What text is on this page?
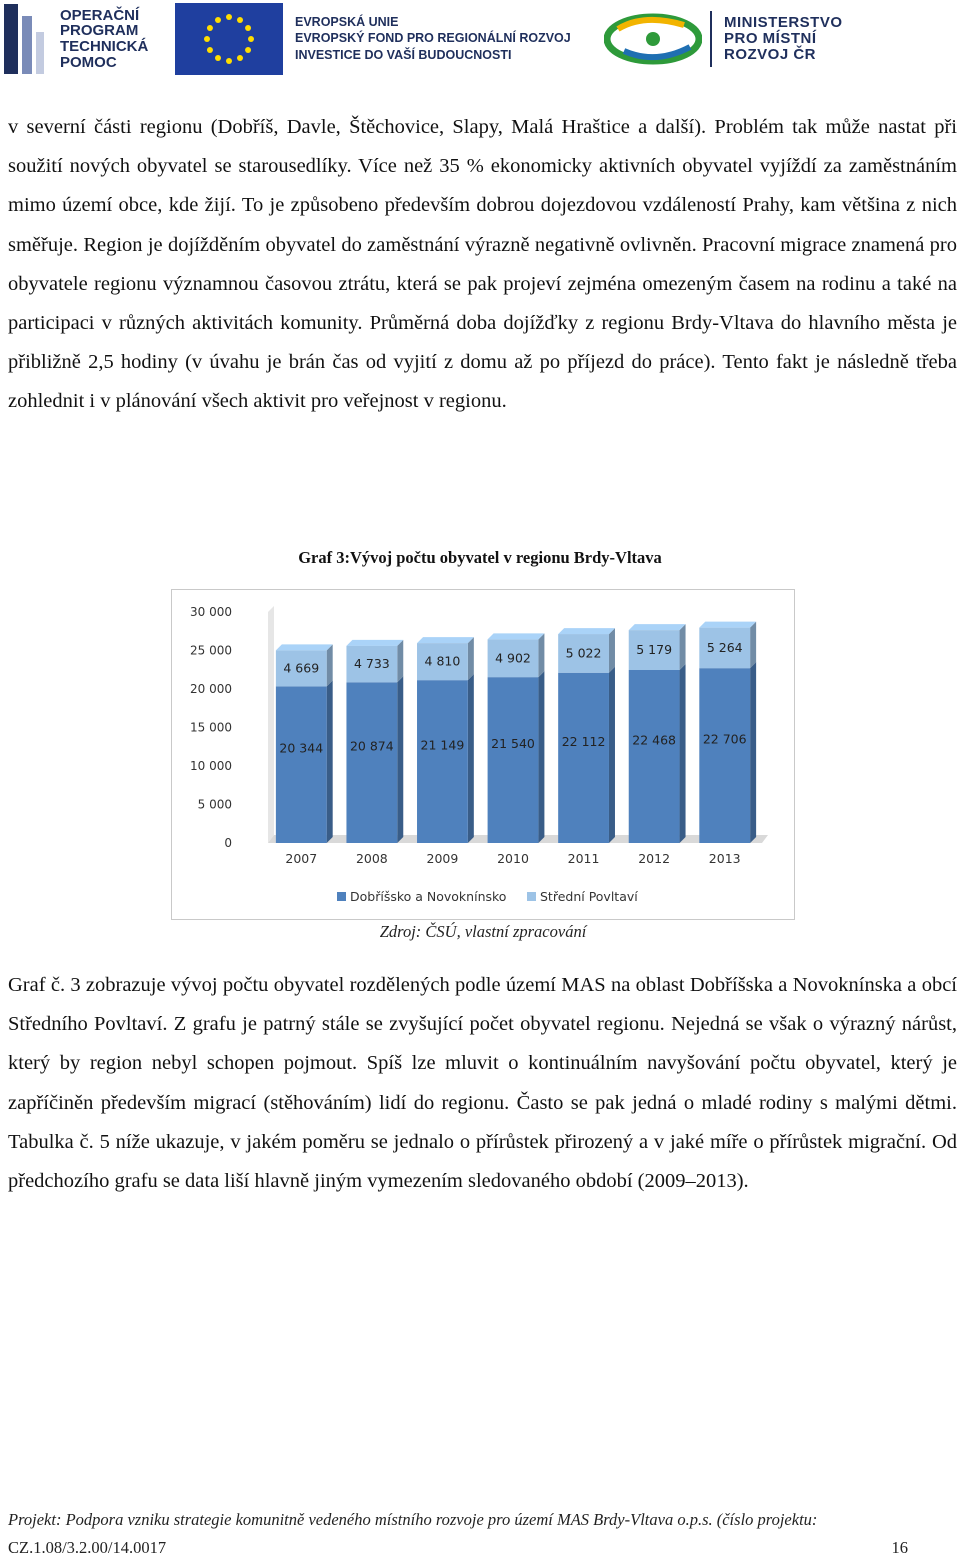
OPERAČNÍ
PROGRAM
TECHNICKÁ
POMOC
EVROPSKÁ UNIE
EVROPSKÝ FOND PRO REGIONÁLNÍ ROZVOJ
INVESTICE DO VAŠÍ BUDOUCNOSTI
MINISTERSTVO
PRO MÍSTNÍ
ROZVOJ ČR

v severní části regionu (Dobříš, Davle, Štěchovice, Slapy, Malá Hraštice a další). Problém tak může nastat při soužití nových obyvatel se starousedlíky. Více než 35 % ekonomicky aktivních obyvatel vyjíždí za zaměstnáním mimo území obce, kde žijí. To je způsobeno především dobrou dojezdovou vzdáleností Prahy, kam většina z nich směřuje. Region je dojížděním obyvatel do zaměstnání výrazně negativně ovlivněn. Pracovní migrace znamená pro obyvatele regionu významnou časovou ztrátu, která se pak projeví zejména omezeným časem na rodinu a také na participaci v různých aktivitách komunity. Průměrná doba dojížďky z regionu Brdy-Vltava do hlavního města je přibližně 2,5 hodiny (v úvahu je brán čas od vyjití z domu až po příjezd do práce). Tento fakt je následně třeba zohlednit i v plánování všech aktivit pro veřejnost v regionu.

Graf 3:Vývoj počtu obyvatel v regionu Brdy-Vltava
0
5 000
10 000
15 000
20 000
25 000
30 000
20 344
4 669
2007
20 874
4 733
2008
21 149
4 810
2009
21 540
4 902
2010
22 112
5 022
2011
22 468
5 179
2012
22 706
5 264
2013
Dobříšsko a Novoknínsko	Střední Povltaví
Zdroj: ČSÚ, vlastní zpracování

Graf č. 3 zobrazuje vývoj počtu obyvatel rozdělených podle území MAS na oblast Dobříšska a Novoknínska a obcí Středního Povltaví. Z grafu je patrný stále se zvyšující počet obyvatel regionu. Nejedná se však o výrazný nárůst, který by region nebyl schopen pojmout. Spíš lze mluvit o kontinuálním navyšování počtu obyvatel, který je zapříčiněn především migrací (stěhováním) lidí do regionu. Často se pak jedná o mladé rodiny s malými dětmi. Tabulka č. 5 níže ukazuje, v jakém poměru se jednalo o přírůstek přirozený a v jaké míře o přírůstek migrační. Od předchozího grafu se data liší hlavně jiným vymezením sledovaného období (2009–2013).

Projekt: Podpora vzniku strategie komunitně vedeného místního rozvoje pro území MAS Brdy-Vltava o.p.s. (číslo projektu:
CZ.1.08/3.2.00/14.0017	16
